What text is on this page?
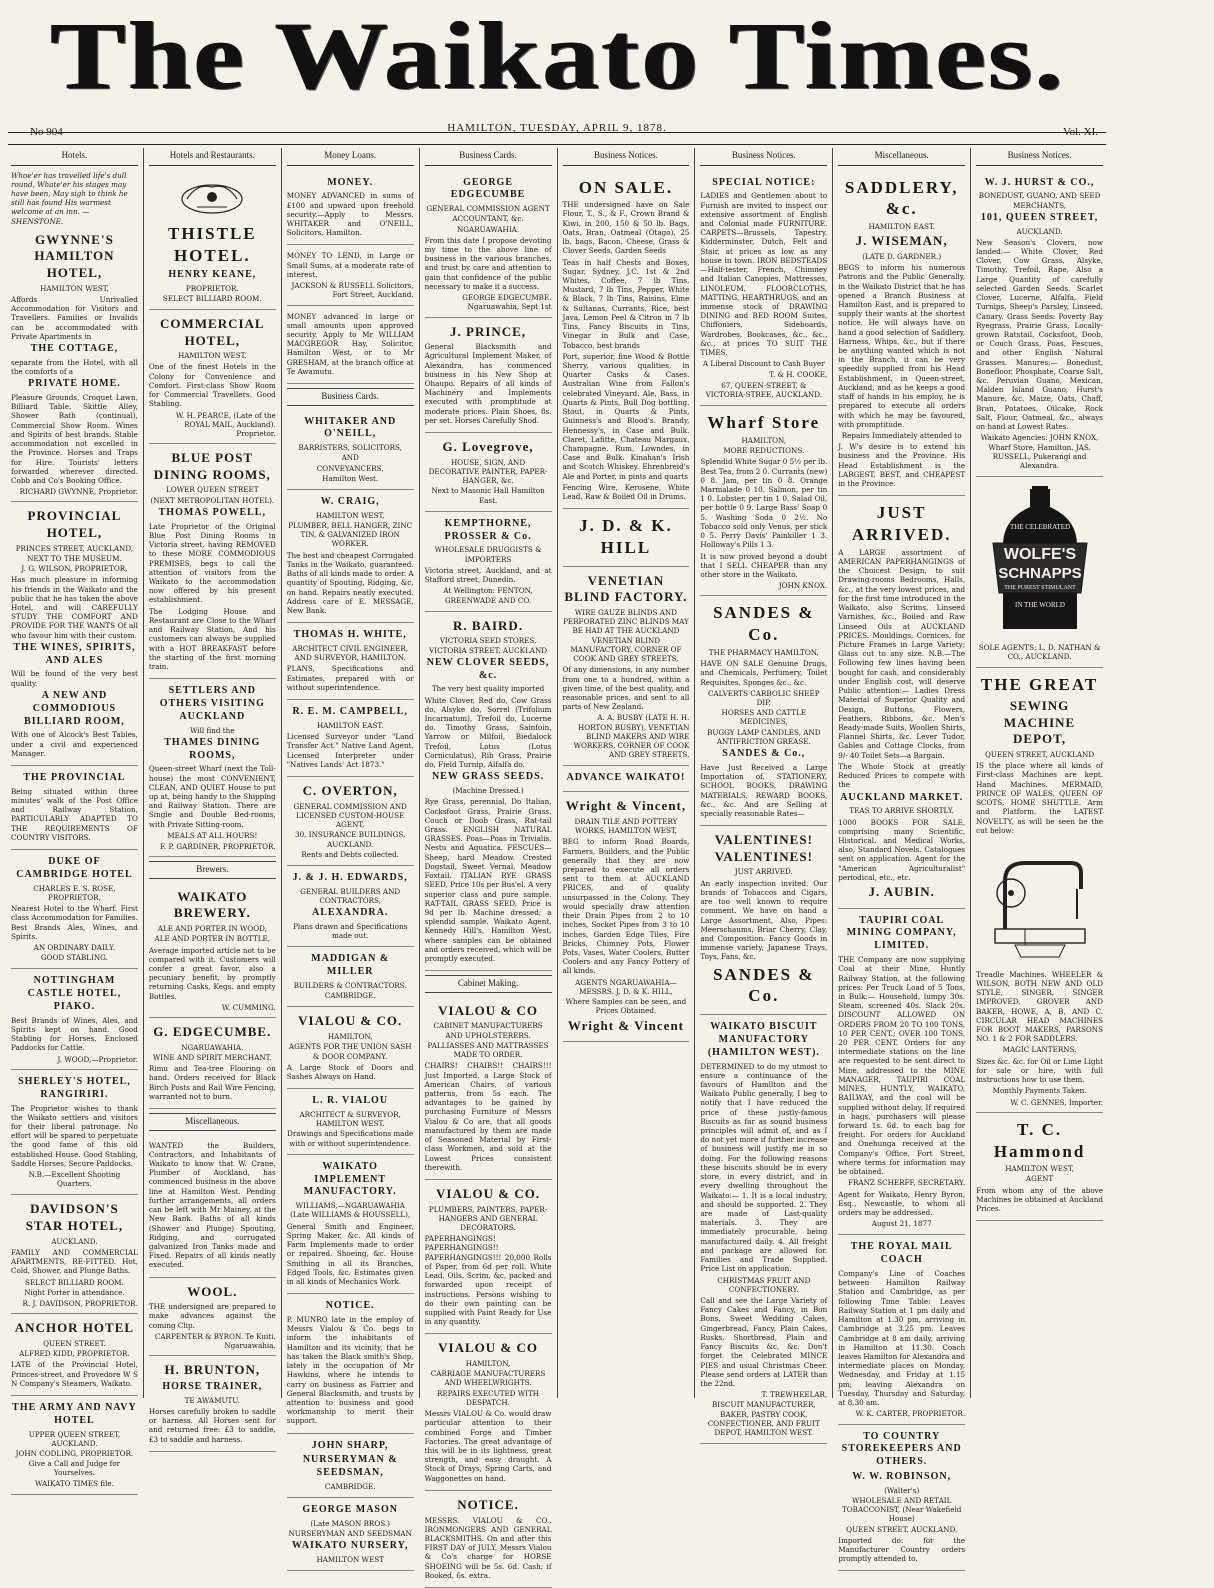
The Waikato Times.
No 904	HAMILTON, TUESDAY, APRIL 9, 1878.	Vol. XI.
Hotels.
Whoe'er has travelled life's dull round, Whate'er his stages may have been, May sigh to think he still has found His warmest welcome at an inn. —SHENSTONE.
GWYNNE'S HAMILTON HOTEL,
HAMILTON WEST,
Affords Unrivalled Accommodation for Visitors and Travellers. Families or Invalids can be accommodated with Private Apartments in
THE COTTAGE,
separate from the Hotel, with all the comforts of a
PRIVATE HOME.
Pleasure Grounds, Croquet Lawn, Billiard Table, Skittle Alley, Shower Bath (continual), Commercial Show Room. Wines and Spirits of best brands. Stable accommodation not excelled in the Province. Horses and Traps for Hire. Tourists' letters forwarded wherever directed. Cobb and Co's Booking Office.
RICHARD GWYNNE, Proprietor.
PROVINCIAL HOTEL,
PRINCES STREET, AUCKLAND,
NEXT TO THE MUSEUM.
J. G. WILSON, PROPRIETOR,
Has much pleasure in informing his friends in the Waikato and the public that he has taken the above Hotel, and will CAREFULLY STUDY THE COMFORT AND PROVIDE FOR THE WANTS Of all who favour him with their custom.
THE WINES, SPIRITS, AND ALES
Will be found of the very best quality.
A NEW AND COMMODIOUS BILLIARD ROOM,
With one of Alcock's Best Tables, under a civil and experienced Manager.
THE PROVINCIAL
Being situated within three minutes' walk of the Post Office and Railway Station, PARTICULARLY ADAPTED TO THE REQUIREMENTS OF COUNTRY VISITORS.
DUKE OF CAMBRIDGE HOTEL
CHARLES E. S. ROSE, PROPRIETOR,
Nearest Hotel to the Wharf. First class Accommodation for Families. Best Brands Ales, Wines, and Spirits.
AN ORDINARY DAILY.
GOOD STABLING.
NOTTINGHAM CASTLE HOTEL, PIAKO.
Best Brands of Wines, Ales, and Spirits kept on hand. Good Stabling for Horses. Enclosed Paddocks for Cattle.
J. WOOD,—Proprietor.
SHERLEY'S HOTEL, RANGIRIRI.
The Proprietor wishes to thank the Waikato settlers and visitors for their liberal patronage. No effort will be spared to perpetuate the good fame of this old established House. Good Stabling, Saddle Horses, Secure Paddocks.
N.B.—Excellent Shooting Quarters.
DAVIDSON'S STAR HOTEL,
AUCKLAND.
FAMILY AND COMMERCIAL APARTMENTS, RE-FITTED. Hot, Cold, Shower, and Plunge Baths.
SELECT BILLIARD ROOM.
Night Porter in attendance.
R. J. DAVIDSON, PROPRIETOR.
ANCHOR HOTEL
QUEEN STREET.
ALFRED KIDD, PROPRIETOR.
LATE of the Provincial Hotel, Princes-street, and Provedore W S N Company's Steamers, Waikato.
THE ARMY AND NAVY HOTEL
UPPER QUEEN STREET, AUCKLAND.
JOHN CODLING, PROPRIETOR.
Give a Call and Judge for Yourselves.
WAIKATO TIMES file.
Hotels and Restaurants.
THISTLE HOTEL.
HENRY KEANE,
PROPRIETOR.
SELECT BILLIARD ROOM.
COMMERCIAL HOTEL,
HAMILTON WEST.
One of the finest Hotels in the Colony for Convenience and Comfort. First-class Show Room for Commercial Travellers. Good Stabling.
W. H. PEARCE, (Late of the ROYAL MAIL, Auckland). Proprietor.
BLUE POST DINING ROOMS,
LOWER QUEEN STREET
(NEXT METROPOLITAN HOTEL).
THOMAS POWELL,
Late Proprietor of the Original Blue Post Dining Rooms in Victoria street, having REMOVED to these MORE COMMODIOUS PREMISES, begs to call the attention of visitors from the Waikato to the accommodation now offered by his present establishment.
The Lodging House and Restaurant are Close to the Wharf and Railway Station, And his customers can always be supplied with a HOT BREAKFAST before the starting of the first morning train.
SETTLERS AND OTHERS VISITING AUCKLAND
Will find the
THAMES DINING ROOMS,
Queen-street Wharf (next the Toll-house) the most CONVENIENT, CLEAN, AND QUIET House to put up at, being handy to the Shipping and Railway Station. There are Single and Double Bed-rooms, with Private Sitting-room.
MEALS AT ALL HOURS!
F. P. GARDINER, PROPRIETOR.
Brewers.
WAIKATO BREWERY.
ALE AND PORTER IN WOOD,
ALE AND PORTER IN BOTTLE,
Average imported article not to be compared with it. Customers will confer a great favor, also a pecuniary benefit, by promptly returning Casks, Kegs, and empty Bottles.
W. CUMMING.
G. EDGECUMBE.
NGARUAWAHIA.
WINE AND SPIRIT MERCHANT.
Rimu and Tea-tree Flooring on hand. Orders received for Black Birch Posts and Rail Wire Fencing, warranted not to burn.
Miscellaneous.
WANTED the Builders, Contractors, and Inhabitants of Waikato to know that W. Crane, Plumber of Auckland, has commenced business in the above line at Hamilton West. Pending further arrangements, all orders can be left with Mr Mainey, at the New Bank. Baths of all kinds (Shower and Plunge) Spouting, Ridging, and corrugated galvanized Iron Tanks made and Fixed. Repairs of all kinds neatly executed.
WOOL.
THE undersigned are prepared to make advances against the coming Clip.
CARPENTER & BYRON. Te Kuiti, Ngaruawahia.
H. BRUNTON,
HORSE TRAINER,
TE AWAMUTU.
Horses carefully broken to saddle or harness. All Horses sent for and returned free: £3 to saddle, £3 to saddle and harness.
Money Loans.
MONEY.
MONEY ADVANCED in sums of £100 and upward upon freehold security.—Apply to Messrs. WHITAKER and O'NEILL, Solicitors, Hamilton.
MONEY TO LEND, in Large or Small Sums, at a moderate rate of interest.
JACKSON & RUSSELL Solicitors, Fort Street, Auckland.
MONEY advanced in large or small amounts upon approved security. Apply to Mr WILLIAM MACGREGOR Hay, Solicitor, Hamilton West, or to Mr GRESHAM, at the branch office at Te Awamutu.
Business Cards.
WHITAKER AND O'NEILL,
BARRISTERS, SOLICITORS,
AND
CONVEYANCERS,
Hamilton West.
W. CRAIG,
HAMILTON WEST,
PLUMBER, BELL HANGER, ZINC TIN, & GALVANIZED IRON WORKER.
The best and cheapest Corrugated Tanks in the Waikato, guaranteed. Baths of all kinds made to order. A quantity of Spouting, Ridging, &c, on hand. Repairs neatly executed. Address care of E. MESSAGE, New Bank.
THOMAS H. WHITE,
ARCHITECT CIVIL ENGINEER, AND SURVEYOR, HAMILTON.
PLANS, Specifications and Estimates, prepared with or without superintendence.
R. E. M. CAMPBELL,
HAMILTON EAST.
Licensed Surveyor under "Land Transfer Act." Native Land Agent. Licensed Interpreter under "Natives Lands' Act 1873."
C. OVERTON,
GENERAL COMMISSION AND LICENSED CUSTOM-HOUSE AGENT,
30, INSURANCE BUILDINGS, AUCKLAND.
Rents and Debts collected.
J. & J. H. EDWARDS,
GENERAL BUILDERS AND CONTRACTORS,
ALEXANDRA.
Plans drawn and Specifications made out.
MADDIGAN & MILLER
BUILDERS & CONTRACTORS.
CAMBRIDGE.
VIALOU & CO.
HAMILTON,
AGENTS FOR THE UNION SASH & DOOR COMPANY.
A Large Stock of Doors and Sashes Always on Hand.
L. R. VIALOU
ARCHITECT & SURVEYOR, HAMILTON WEST.
Drawings and Specifications made with or without superintendence.
WAIKATO IMPLEMENT MANUFACTORY.
WILLIAMS,—NGARUAWAHIA (Late WILLIAMS & HOUSSELL),
General Smith and Engineer, Spring Maker, &c. All kinds of Farm Implements made to order or repaired. Shoeing, &c. House Smithing in all its Branches, Edged Tools, &c. Estimates given in all kinds of Mechanics Work.
NOTICE.
P. MUNRO late in the employ of Messrs Vialou & Co. begs to inform the inhabitants of Hamilton and its vicinity, that he has taken the Black smith's Shop, lately in the occupation of Mr Hawkins, where he intends to carry on business as Farrier and General Blacksmith, and trusts by attention to business and good workmanship to merit their support.
JOHN SHARP,
NURSERYMAN & SEEDSMAN,
CAMBRIDGE.
GEORGE MASON
(Late MASON BROS.)
NURSERYMAN AND SEEDSMAN
WAIKATO NURSERY,
HAMILTON WEST
Business Cards.
GEORGE EDGECUMBE
GENERAL COMMISSION AGENT
ACCOUNTANT, &c.
NGARUAWAHIA.
From this date I propose devoting my time to the above line of business in the various branches, and trust by care and attention to gain that confidence of the public necessary to make it a success.
GEORGE EDGECUMBE. Ngaruawahia, Sept 1st
J. PRINCE,
General Blacksmith and Agricultural Implement Maker, of Alexandra, has commenced business in his New Shop at Ohaupo. Repairs of all kinds of Machinery and Implements executed with promptitude at moderate prices. Plain Shoes, 8s. per set. Horses Carefully Shod.
G. Lovegrove,
HOUSE, SIGN, AND DECORATIVE PAINTER, PAPER-HANGER, &c.
Next to Masonic Hall Hamilton East.
KEMPTHORNE, PROSSER & Co.
WHOLESALE DRUGGISTS & IMPORTERS
Victoria street, Auckland, and at Stafford street, Dunedin.
At Wellington: FENTON, GREENWADE AND CO.
R. BAIRD.
VICTORIA SEED STORES, VICTORIA STREET, AUCKLAND
NEW CLOVER SEEDS, &c.
The very best quality imported
White Clover, Red do, Cow Grass do, Alsyke do, Sorrel (Trifolium Incarnatum), Trefoil do, Lucerne do. Timothy Grass, Sainfoin, Yarrow or Milfoil, Biedalock Trefoil, Lotus (Lotus Corniculatus), Rib Grass, Prairie do, Field Turnip, Alfalfa do.
NEW GRASS SEEDS.
(Machine Dressed.)
Rye Grass, perennial, Do Italian, Cocksfoot Grass, Prairie Grass, Couch or Doob Grass, Rat-tail Grass. ENGLISH NATURAL GRASSES. Poas—Poas in Trivialis, Nestu and Aquatica. FESCUES—Sheep, hard Meadow. Crested Dogstail, Sweet Vernal, Meadow Foxtail. ITALIAN RYE GRASS SEED, Price 10s per Bus'el. A very superior class and pure sample. RAT-TAIL GRASS SEED, Price is 9d per lb. Machine dressed; a splendid sample. Waikato Agent, Kennedy Hill's, Hamilton West, where samples can be obtained and orders received, which will be promptly executed.
Cabinet Making.
VIALOU & CO
CABINET MANUFACTURERS AND UPHOLSTERERS.
PALLIASSES AND MATTRASSES MADE TO ORDER.
CHAIRS! CHAIRS!! CHAIRS!!! Just Imported, a Large Stock of American Chairs, of various patterns, from 5s each. The advantages to be gained by purchasing Furniture of Messrs Vialou & Co are, that all goods manufactured by them are made of Seasoned Material by First-class Workmen, and sold at the Lowest Prices consistent therewith.
VIALOU & CO.
PLUMBERS, PAINTERS, PAPER-HANGERS AND GENERAL DECORATORS.
PAPERHANGINGS! PAPERHANGINGS!! PAPERHANGINGS!!! 20,000 Rolls of Paper, from 6d per roll. White Lead, Oils, Scrim, &c, packed and forwarded upon receipt of instructions. Persons wishing to do their own painting can be supplied with Paint Ready for Use in any quantity.
VIALOU & CO
HAMILTON,
CARRIAGE MANUFACTURERS AND WHEELWRIGHTS.
REPAIRS EXECUTED WITH DESPATCH.
Messrs VIALOU & Co. would draw particular attention to their combined Forge and Timber Factories. The great advantage of this will be in its lightness, great strength, and easy draught. A Stock of Drays, Spring Carts, and Waggonettes on hand.
NOTICE.
MESSRS. VIALOU & CO., IRONMONGERS AND GENERAL BLACKSMITHS. On and after this FIRST DAY of JULY, Messrs Vialou & Co's charge for HORSE SHOEING will be 5s. 6d. Cash; if Booked, 6s. extra.
Business Notices.
ON SALE.
THE undersigned have on Sale Flour, T., S., & F., Crown Brand & Kiwi, in 200, 150 & 50 lb. Bags, Oats, Bran, Oatmeal (Otago), 25 lb. bags, Bacon, Cheese, Grass & Clover Seeds, Garden Seeds
Teas in half Chests and Boxes, Sugar, Sydney, J.C. 1st & 2nd Whites, Coffee, 7 lb Tins, Mustard, 7 lb Tins, Pepper, White & Black, 7 lb Tins, Raisins, Elme & Sultanas, Currants, Rice, best Java, Lemon Peel & Citron in 7 lb Tins, Fancy Biscuits in Tins, Vinegar in Bulk and Case, Tobacco, best brands
Port, superior, fine Wood & Bottle Sherry, various qualities, in Quarter Casks & Cases. Australian Wine from Fallon's celebrated Vineyard. Ale, Bass, in Quarts & Pints, Bull Dog bottling. Stout, in Quarts & Pints, Guinness's and Blood's. Brandy, Hennessy's, in Case and Bulk. Claret, Lafitte, Chateau Margaux. Champagne. Rum, Lowndes, in Case and Bulk. Kinahan's Irish and Scotch Whiskey. Ehrenbreid's Ale and Porter, in pints and quarts
Fencing Wire, Kerosene, White Lead, Raw & Boiled Oil in Drums.
J. D. & K. HILL
VENETIAN BLIND FACTORY.
WIRE GAUZE BLINDS AND PERFORATED ZINC BLINDS MAY BE HAD AT THE AUCKLAND VENETIAN BLIND MANUFACTORY, CORNER OF COOK AND GREY STREETS,
Of any dimensions, in any number from one to a hundred, within a given time, of the best quality, and reasonable prices, and sent to all parts of New Zealand.
A. A. BUSBY (LATE H. H. HORTON BUSBY), VENETIAN BLIND MAKERS AND WIRE WORKERS, CORNER OF COOK AND GREY STREETS.
ADVANCE WAIKATO!
Wright & Vincent,
DRAIN TILE AND POTTERY WORKS, HAMILTON WEST,
BEG to inform Road Boards, Farmers, Builders, and the Public generally that they are now prepared to execute all orders sent to them at AUCKLAND PRICES, and of quality unsurpassed in the Colony. They would specially draw attention their Drain Pipes from 2 to 10 inches, Socket Pipes from 3 to 10 inches, Garden Edge Tiles, Fire Bricks, Chimney Pots, Flower Pots, Vases, Water Coolers, Butter Coolers and any Fancy Pottery of all kinds.
AGENTS NGARUAWAHIA— MESSRS. J. D. & K. HILL,
Where Samples can be seen, and Prices Obtained.
Wright & Vincent
Business Notices.
SPECIAL NOTICE:
LADIES and Gentlemen about to Furnish are invited to inspect our extensive assortment of English and Colonial made FURNITURE. CARPETS—Brussels, Tapestry, Kidderminster, Dutch, Felt and Stair, at prices as low as any house in town. IRON BEDSTEADS—Half-tester, French, Chimney and Italian Canopies, Mattresses, LINOLEUM, FLOORCLOTHS, MATTING, HEARTHRUGS, and an immense stock of DRAWING DINING and BED ROOM Suites, Chiffoniers, Sideboards, Wardrobes, Bookcases, &c., &c., &c., at prices TO SUIT THE TIMES.
A Liberal Discount to Cash Buyer
T. & H. COOKE,
67, QUEEN-STREET, & VICTORIA-STREE, AUCKLAND.
Wharf Store
HAMILTON,
MORE REDUCTIONS.
Splendid White Sugar 0 5½ per lb. Best Tea, from 2 0. Currants (new) 0 8. Jam, per tin 0 8. Orange Marmalade 0 10. Salmon, per tin 1 0. Lobster, per tin 1 0. Salad Oil, per bottle 0 9. Large Bass' Soap 0 5. Washing Soda 0 2½. No Tobacco sold only Venus, per stick 0 5. Perry Davis' Painkiller 1 3. Holloway's Pills 1 3.
It is now proved beyond a doubt that I SELL CHEAPER than any other store in the Waikato.
JOHN KNOX.
SANDES & Co.
THE PHARMACY HAMILTON,
HAVE ON SALE Genuine Drugs, and Chemicals, Perfumery, Toilet Requisites, Sponges &c., &c.
CALVERTS CARBOLIC SHEEP DIP.
HORSES AND CATTLE MEDICINES,
BUGGY LAMP CANDLES, AND ANTIFRICTION GREASE.
SANDES & Co.,
Have Just Received a Large Importation of, STATIONERY, SCHOOL BOOKS, DRAWING MATERIALS, REWARD BOOKS, &c., &c. And are Selling at specially reasonable Rates—
VALENTINES! VALENTINES!
JUST ARRIVED.
An early inspection invited. Our brands of Tobaccos and Cigars, are too well known to require comment. We have on hand a Large Assortment, Also, Pipes: Meerschaums, Briar Cherry, Clay, and Composition. Fancy Goods in immense variety, Japanese Trays, Toys, Fans, &c.
SANDES & Co.
WAIKATO BISCUIT MANUFACTORY (HAMILTON WEST).
DETERMINED to do my utmost to ensure a continuance of the favours of Hamilton and the Waikato Public generally, I beg to notify that I have reduced the price of these justly-famous Biscuits as far as sound business principles will admit of, and as I do not yet more if further increase of business will justify me in so doing. For the following reasons these biscuits should be in every store, in every district, and in every dwelling throughout the Waikato:— 1. It is a local industry, and should be supported. 2. They are made of Last-quality materials. 3. They are immediately procurable, being manufactured daily. 4. All freight and package are allowed for. Families and Trade Supplied. Price List on application.
CHRISTMAS FRUIT AND CONFECTIONERY.
Call and see the Large Variety of Fancy Cakes and Fancy, in Bon Bons, Sweet Wedding Cakes, Gingerbread, Fancy, Plain Cakes, Rusks, Shortbread, Plain and Fancy Biscuits &c, &c. Don't forget the Celebrated MINCE PIES and usual Christmas Cheer. Please send orders at LATER than the 22nd.
T. TREWHEELAR,
BISCUIT MANUFACTURER, BAKER, PASTRY COOK, CONFECTIONER, AND FRUIT DEPOT, HAMILTON WEST.
Miscellaneous.
SADDLERY, &c.
HAMILTON EAST.
J. WISEMAN,
(LATE D. GARDNER.)
BEGS to inform his numerous Patrons and the Public Generally, in the Waikato District that he has opened a Branch Business at Hamilton East, and is prepared to supply their wants at the shortest notice. He will always have on hand a good selection of Saddlery, Harness, Whips, &c., but if there be anything wanted which is not in the Branch, it can be very speedily supplied from his Head Establishment, in Queen-street, Auckland, and as he keeps a good staff of hands in his employ, he is prepared to execute all orders with which he may be favoured, with promptitude.
Repairs Immediately attended to
J. W's desire is to extend his business and the Province. His Head Establishment is the LARGEST, BEST, and CHEAPEST in the Province.
JUST ARRIVED.
A LARGE assortment of AMERICAN PAPERHANGINGS of the Choicest Design, to suit Drawing-rooms Bedrooms, Halls, &c., at the very lowest prices, and for the first time introduced in the Waikato, also Scrims, Linseed Varnishes, &c., Boiled and Raw Linseed Oils at AUCKLAND PRICES. Mouldings, Cornices, for Picture Frames in Large Variety; Glass cut to any size. N.B.—The Following few lines having been bought for cash, and considerably under English cost, will deserve Public attention:— Ladies Dress Material of Superior Quality and Design, Buttons, Flowers, Feathers, Ribbons, &c. Men's Ready-made Suits, Woollen Shirts, Flannel Shirts, &c. Lever Tudor, Gables and Cottage Clocks, from 9/- 40 Toilet Sets—a Bargain.
The Whole Stock at greatly Reduced Prices to compete with the
AUCKLAND MARKET.
TEAS TO ARRIVE SHORTLY.
1000 BOOKS FOR SALE, comprising many Scientific, Historical, and Medical Works, also, Standard Novels. Catalogues sent on application. Agent for the "American Agriculturalist" periodical, etc., etc.
J. AUBIN.
TAUPIRI COAL MINING COMPANY, LIMITED.
THE Company are now supplying Coal at their Mine, Huntly Railway Station, at the following prices: Per Truck Load of 5 Tons, in Bulk:— Household, lumpy 30s. Steam, screened 40s. Slack 20s. DISCOUNT ALLOWED ON ORDERS FROM 20 TO 100 TONS, 10 PER CENT.; OVER 100 TONS, 20 PER CENT. Orders for any intermediate stations on the line are requested to be sent direct to Mine, addressed to the MINE MANAGER, TAUPIRI COAL MINES, HUNTLY, WAIKATO, RAILWAY, and the coal will be supplied without delay. If required in bags, purchasers will please forward 1s. 6d. to each bag for freight. For orders for Auckland and Onehunga received at the Company's Office, Fort Street, where terms for information may be obtained.
FRANZ SCHERFF, SECRETARY.
Agent for Waikato, Henry Byron, Esq., Newcastle, to whom all orders may be addressed.
August 21, 1877
THE ROYAL MAIL COACH
Company's Line of Coaches between Hamilton Railway Station and Cambridge, as per following Time Table: Leaves Railway Station at 1 pm daily and Hamilton at 1.30 pm, arriving in Cambridge at 3.25 pm. Leaves Cambridge at 8 am daily, arriving in Hamilton at 11.30. Coach leaves Hamilton for Alexandra and intermediate places on Monday, Wednesday, and Friday at 1.15 pm; leaving Alexandra on Tuesday, Thursday and Saturday, at 8.30 am.
W. K. CARTER, PROPRIETOR.
TO COUNTRY STOREKEEPERS AND OTHERS.
W. W. ROBINSON,
(Walter's)
WHOLESALE AND RETAIL TOBACCONIST, (Near Wakefield House)
QUEEN STREET, AUCKLAND,
Imported do: for the Manufacturer Country orders promptly attended to.
Business Notices.
W. J. HURST & CO.,
BONEDUST, GUANO, AND SEED MERCHANTS,
101, QUEEN STREET,
AUCKLAND.
New Season's Clovers, now landed:— White Clover, Red Clover, Cow Grass, Alsyke, Timothy, Trefoil, Rape, Also a Large Quantity of carefully selected Garden Seeds. Scarlet Clover, Lucerne, Alfalfa, Field Turnips, Sheep's Parsley, Linseed, Canary. Grass Seeds: Poverty Bay Ryegrass, Prairie Grass, Locally-grown Ratstail, Cocksfoot, Doob, or Couch Grass, Poas, Fescues, and other English Natural Grasses. Manures:— Bonedust, Bonefloor, Phosphate, Coarse Salt, &c. Peruvian Guano, Mexican, Malden Island Guano, Hurst's Manure, &c. Maize, Oats, Chaff, Bran, Potatoes, Oilcake, Rock Salt, Flour, Oatmeal, &c., always on hand at Lowest Rates.
Waikato Agencies: JOHN KNOX, Wharf Store, Hamilton. JAS. RUSSELL, Pukerangi and Alexandra.
THE CELEBRATED
WOLFE'S
SCHNAPPS
THE PUREST STIMULANT
IN THE WORLD
SOLE AGENTS: L. D. NATHAN & CO., AUCKLAND.
THE GREAT
SEWING MACHINE DEPOT,
QUEEN STREET, AUCKLAND
IS the place where all kinds of First-class Machines are kept. Hand Machines. MERMAID, PRINCE OF WALES, QUEEN OF SCOTS, HOME SHUTTLE. Arm and Platform, the LATEST NOVELTY, as will be seen be the cut below:
Treadle Machines. WHEELER & WILSON, BOTH NEW AND OLD STYLE, SINGER, SINGER IMPROVED, GROVER AND BAKER, HOWE, A, B, AND C. CIRCULAR HEAD MACHINES FOR BOOT MAKERS, PARSONS NO. 1 & 2 FOR SADDLERS.
MAGIC LANTERNS.
Sizes &c. &c. for Oil or Lime Light for sale or hire, with full instructions how to use them.
Monthly Payments Taken.
W. C. GENNES, Importer.
T. C. Hammond
HAMILTON WEST,
AGENT
From whom any of the above Machines be obtained at Auckland Prices.
